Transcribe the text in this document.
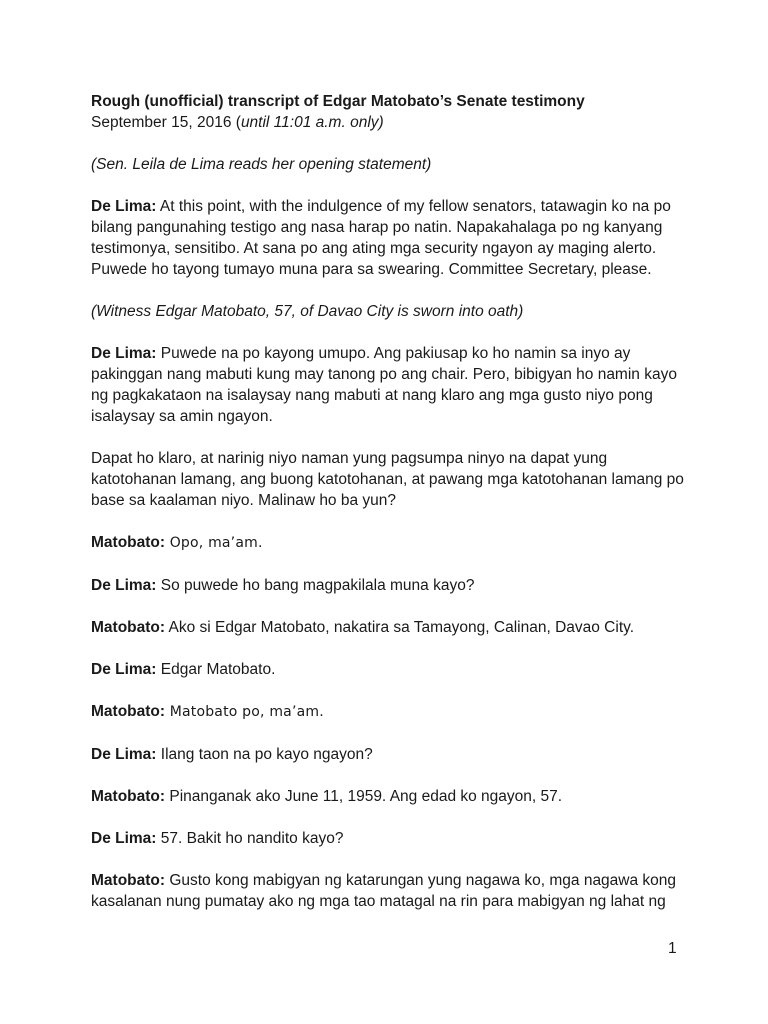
Rough (unofficial) transcript of Edgar Matobato’s Senate testimony

September 15, 2016 (until 11:01 a.m. only)

(Sen. Leila de Lima reads her opening statement)

De Lima: At this point, with the indulgence of my fellow senators, tatawagin ko na po bilang pangunahing testigo ang nasa harap po natin. Napakahalaga po ng kanyang testimonya, sensitibo. At sana po ang ating mga security ngayon ay maging alerto. Puwede ho tayong tumayo muna para sa swearing. Committee Secretary, please.

(Witness Edgar Matobato, 57, of Davao City is sworn into oath)

De Lima: Puwede na po kayong umupo. Ang pakiusap ko ho namin sa inyo ay pakinggan nang mabuti kung may tanong po ang chair. Pero, bibigyan ho namin kayo ng pagkakataon na isalaysay nang mabuti at nang klaro ang mga gusto niyo pong isalaysay sa amin ngayon.

Dapat ho klaro, at narinig niyo naman yung pagsumpa ninyo na dapat yung katotohanan lamang, ang buong katotohanan, at pawang mga katotohanan lamang po base sa kaalaman niyo. Malinaw ho ba yun?

Matobato: Opo, ma’am.

De Lima: So puwede ho bang magpakilala muna kayo?

Matobato: Ako si Edgar Matobato, nakatira sa Tamayong, Calinan, Davao City.

De Lima: Edgar Matobato.

Matobato: Matobato po, ma’am.

De Lima: Ilang taon na po kayo ngayon?

Matobato: Pinanganak ako June 11, 1959. Ang edad ko ngayon, 57.

De Lima: 57. Bakit ho nandito kayo?

Matobato: Gusto kong mabigyan ng katarungan yung nagawa ko, mga nagawa kong kasalanan nung pumatay ako ng mga tao matagal na rin para mabigyan ng lahat ng

1
